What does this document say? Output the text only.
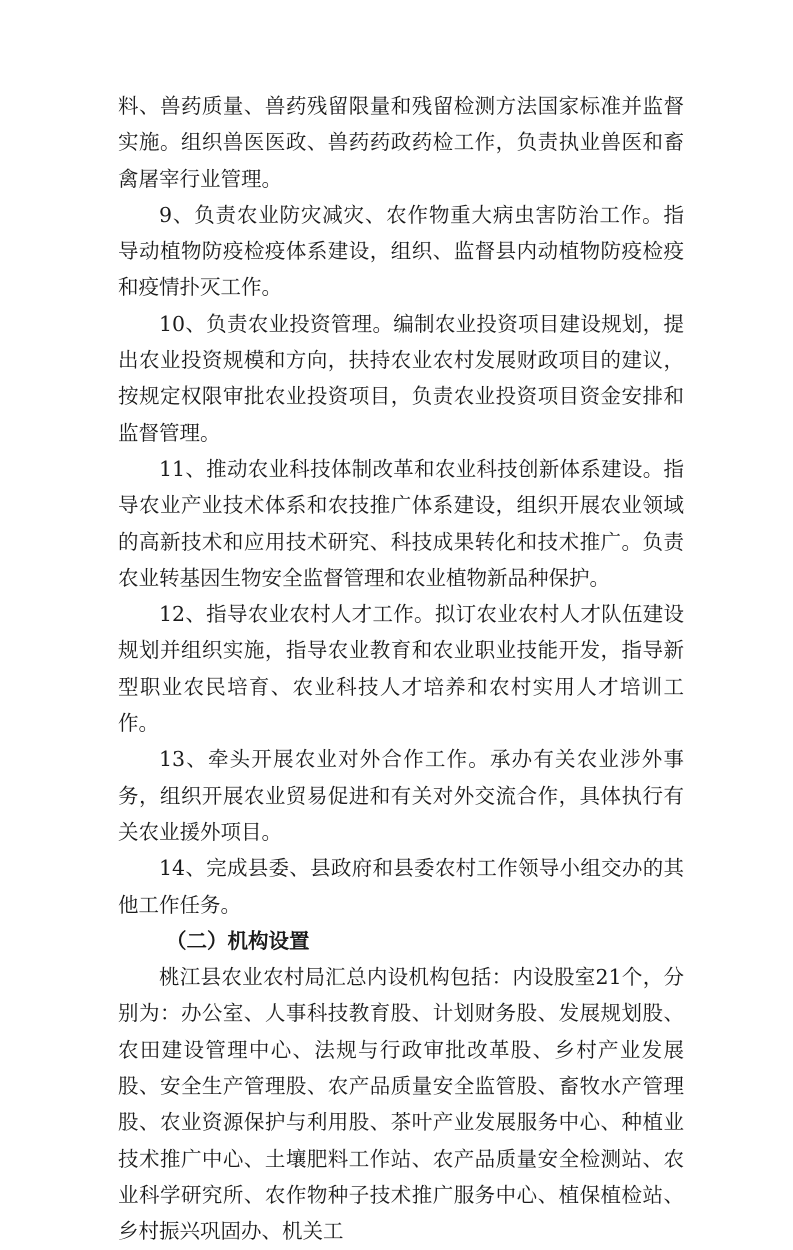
料、兽药质量、兽药残留限量和残留检测方法国家标准并监督实施。组织兽医医政、兽药药政药检工作，负责执业兽医和畜禽屠宰行业管理。

9、负责农业防灾减灾、农作物重大病虫害防治工作。指导动植物防疫检疫体系建设，组织、监督县内动植物防疫检疫和疫情扑灭工作。

10、负责农业投资管理。编制农业投资项目建设规划，提出农业投资规模和方向，扶持农业农村发展财政项目的建议，按规定权限审批农业投资项目，负责农业投资项目资金安排和监督管理。

11、推动农业科技体制改革和农业科技创新体系建设。指导农业产业技术体系和农技推广体系建设，组织开展农业领域的高新技术和应用技术研究、科技成果转化和技术推广。负责农业转基因生物安全监督管理和农业植物新品种保护。

12、指导农业农村人才工作。拟订农业农村人才队伍建设规划并组织实施，指导农业教育和农业职业技能开发，指导新型职业农民培育、农业科技人才培养和农村实用人才培训工作。

13、牵头开展农业对外合作工作。承办有关农业涉外事务，组织开展农业贸易促进和有关对外交流合作，具体执行有关农业援外项目。

14、完成县委、县政府和县委农村工作领导小组交办的其他工作任务。

（二）机构设置

桃江县农业农村局汇总内设机构包括：内设股室21个，分别为：办公室、人事科技教育股、计划财务股、发展规划股、农田建设管理中心、法规与行政审批改革股、乡村产业发展股、安全生产管理股、农产品质量安全监管股、畜牧水产管理股、农业资源保护与利用股、茶叶产业发展服务中心、种植业技术推广中心、土壤肥料工作站、农产品质量安全检测站、农业科学研究所、农作物种子技术推广服务中心、植保植检站、乡村振兴巩固办、机关工
